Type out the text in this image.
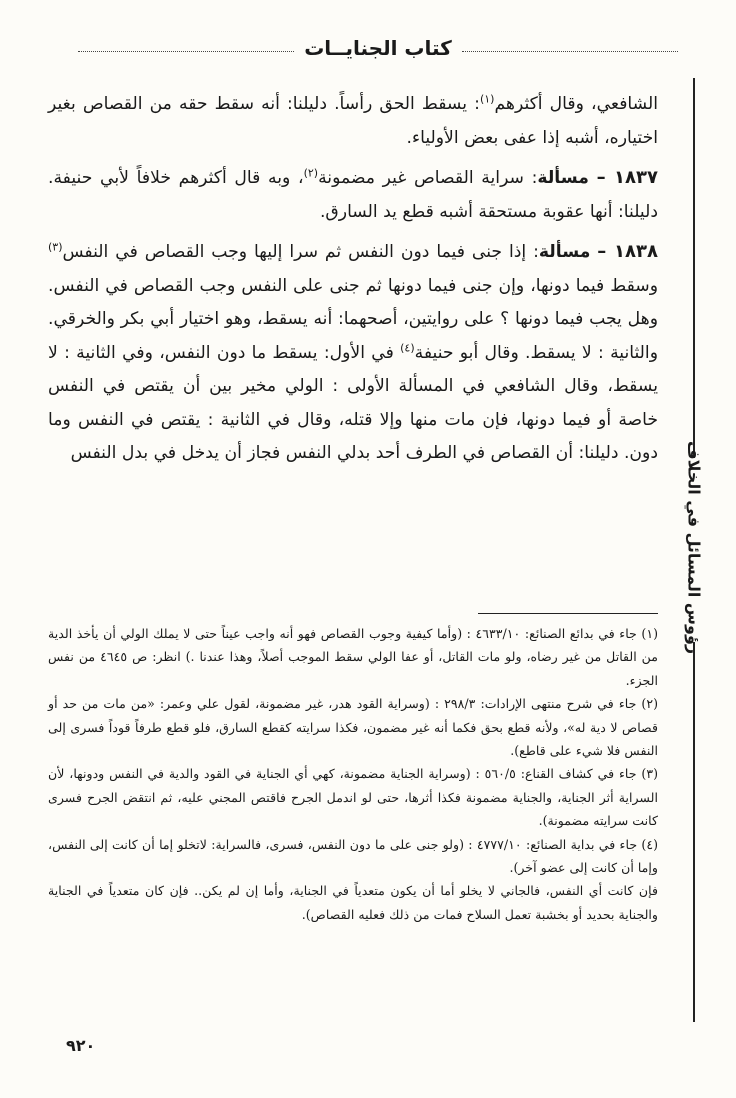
كتاب الجنايــات
رؤوس المسائل في الخلاف

الشافعي، وقال أكثرهم$^{(١)}$: يسقط الحق رأساً. دليلنا: أنه سقط حقه من القصاص بغير اختياره، أشبه إذا عفى بعض الأولياء.

١٨٣٧ – مسألة: سراية القصاص غير مضمونة$^{(٢)}$، وبه قال أكثرهم خلافاً لأبي حنيفة. دليلنا: أنها عقوبة مستحقة أشبه قطع يد السارق.

١٨٣٨ – مسألة: إذا جنى فيما دون النفس ثم سرا إليها وجب القصاص في النفس$^{(٣)}$ وسقط فيما دونها، وإن جنى فيما دونها ثم جنى على النفس وجب القصاص في النفس. وهل يجب فيما دونها ؟ على روايتين، أصحهما: أنه يسقط، وهو اختيار أبي بكر والخرقي. والثانية : لا يسقط. وقال أبو حنيفة$^{(٤)}$ في الأول: يسقط ما دون النفس، وفي الثانية : لا يسقط، وقال الشافعي في المسألة الأولى : الولي مخير بين أن يقتص في النفس خاصة أو فيما دونها، فإن مات منها وإلا قتله، وقال في الثانية : يقتص في النفس وما دون. دليلنا: أن القصاص في الطرف أحد بدلي النفس فجاز أن يدخل في بدل النفس

(١) جاء في بدائع الصنائع: ٤٦٣٣/١٠ : (وأما كيفية وجوب القصاص فهو أنه واجب عيناً حتى لا يملك الولي أن يأخذ الدية من القاتل من غير رضاه، ولو مات القاتل، أو عفا الولي سقط الموجب أصلاً، وهذا عندنا .) انظر: ص ٤٦٤٥ من نفس الجزء.

(٢) جاء في شرح منتهى الإرادات: ٢٩٨/٣ : (وسراية القود هدر، غير مضمونة، لقول علي وعمر: «من مات من حد أو قصاص لا دية له»، ولأنه قطع بحق فكما أنه غير مضمون، فكذا سرايته كقطع السارق، فلو قطع طرفاً قوداً فسرى إلى النفس فلا شيء على قاطع).

(٣) جاء في كشاف القناع: ٥٦٠/٥ : (وسراية الجناية مضمونة، كهي أي الجناية في القود والدية في النفس ودونها، لأن السراية أثر الجناية، والجناية مضمونة فكذا أثرها، حتى لو اندمل الجرح فاقتص المجني عليه، ثم انتقض الجرح فسرى كانت سرايته مضمونة).

(٤) جاء في بداية الصنائع: ٤٧٧٧/١٠ : (ولو جنى على ما دون النفس، فسرى، فالسراية: لاتخلو إما أن كانت إلى النفس، وإما أن كانت إلى عضو آخر).

فإن كانت أي النفس، فالجاني لا يخلو أما أن يكون متعدياً في الجناية، وأما إن لم يكن.. فإن كان متعدياً في الجناية والجناية بحديد أو بخشبة تعمل السلاح فمات من ذلك فعليه القصاص).

٩٢٠
